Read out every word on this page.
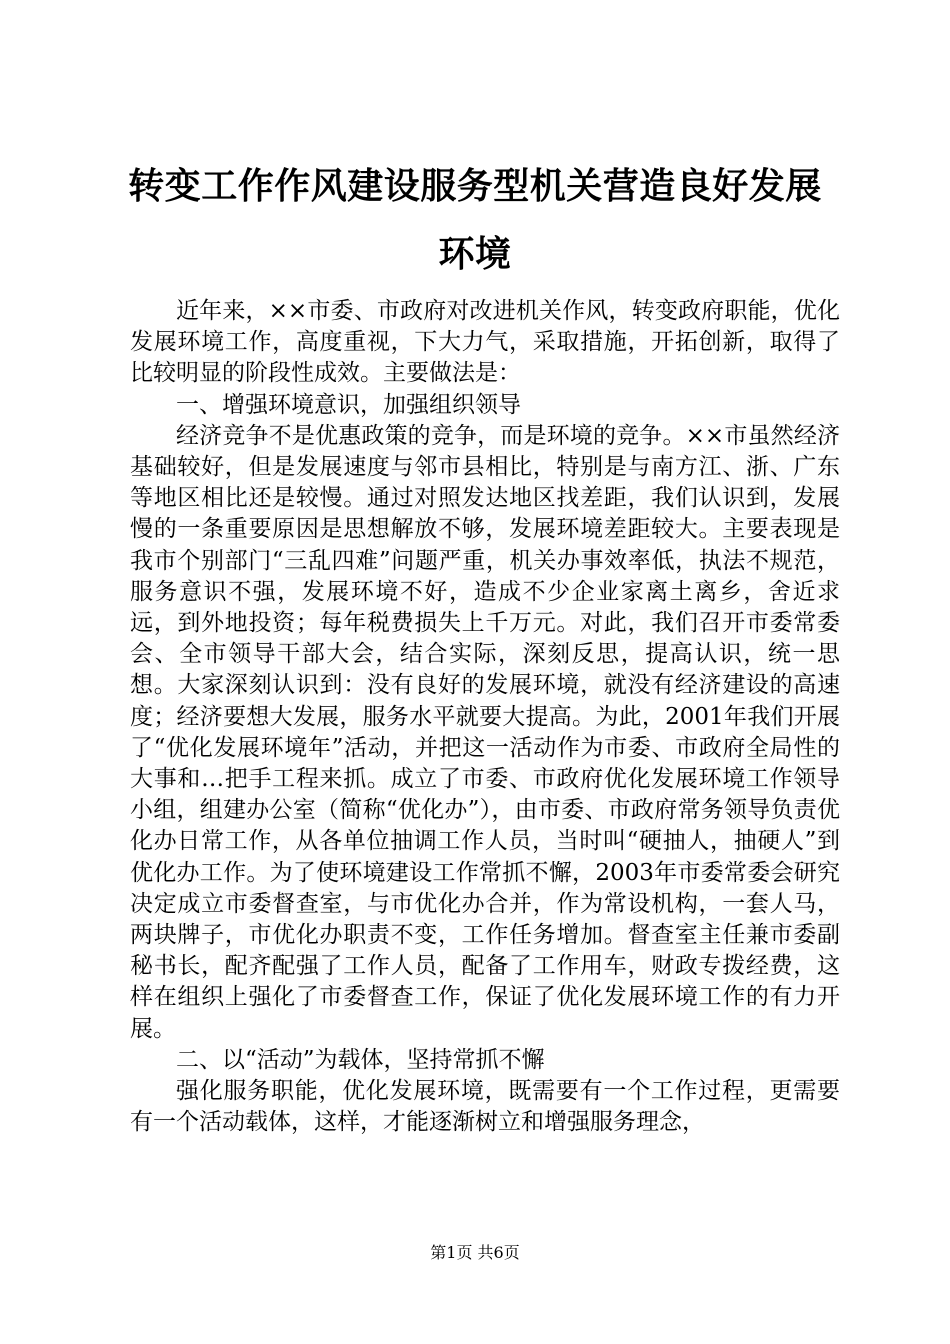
转变工作作风建设服务型机关营造良好发展环境

近年来，××市委、市政府对改进机关作风，转变政府职能，优化发展环境工作，高度重视，下大力气，采取措施，开拓创新，取得了比较明显的阶段性成效。主要做法是：

一、增强环境意识，加强组织领导

经济竞争不是优惠政策的竞争，而是环境的竞争。××市虽然经济基础较好，但是发展速度与邻市县相比，特别是与南方江、浙、广东等地区相比还是较慢。通过对照发达地区找差距，我们认识到，发展慢的一条重要原因是思想解放不够，发展环境差距较大。主要表现是我市个别部门“三乱四难”问题严重，机关办事效率低，执法不规范，服务意识不强，发展环境不好，造成不少企业家离土离乡，舍近求远，到外地投资；每年税费损失上千万元。对此，我们召开市委常委会、全市领导干部大会，结合实际，深刻反思，提高认识，统一思想。大家深刻认识到：没有良好的发展环境，就没有经济建设的高速度；经济要想大发展，服务水平就要大提高。为此，2001年我们开展了“优化发展环境年”活动，并把这一活动作为市委、市政府全局性的大事和…把手工程来抓。成立了市委、市政府优化发展环境工作领导小组，组建办公室（简称“优化办”），由市委、市政府常务领导负责优化办日常工作，从各单位抽调工作人员，当时叫“硬抽人，抽硬人”到优化办工作。为了使环境建设工作常抓不懈，2003年市委常委会研究决定成立市委督查室，与市优化办合并，作为常设机构，一套人马，两块牌子，市优化办职责不变，工作任务增加。督查室主任兼市委副秘书长，配齐配强了工作人员，配备了工作用车，财政专拨经费，这样在组织上强化了市委督查工作，保证了优化发展环境工作的有力开展。

二、以“活动”为载体，坚持常抓不懈

强化服务职能，优化发展环境，既需要有一个工作过程，更需要有一个活动载体，这样，才能逐渐树立和增强服务理念，

第1页 共6页
